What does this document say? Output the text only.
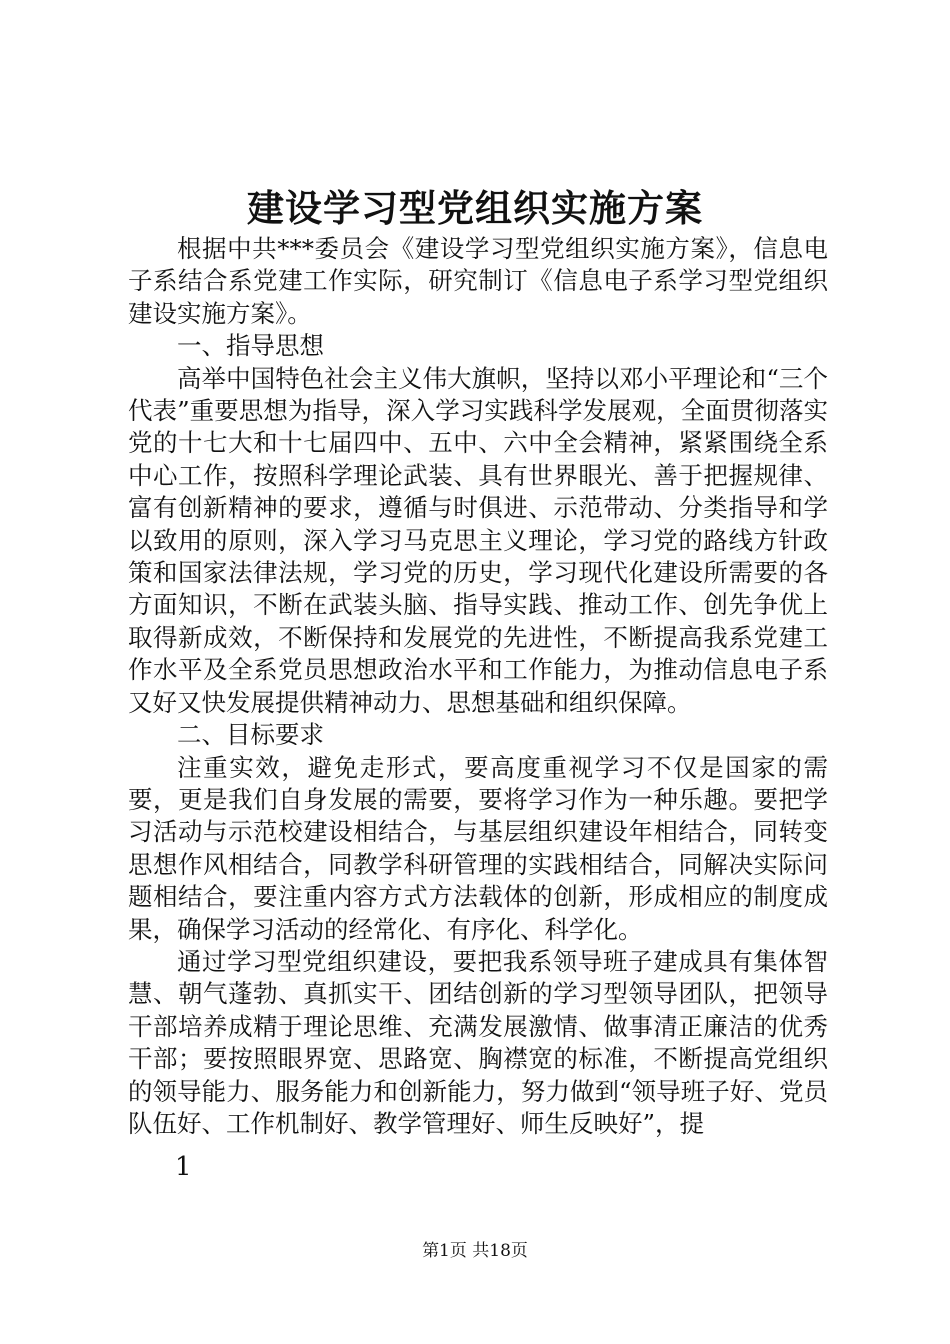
建设学习型党组织实施方案

根据中共***委员会《建设学习型党组织实施方案》，信息电子系结合系党建工作实际，研究制订《信息电子系学习型党组织建设实施方案》。

一、指导思想

高举中国特色社会主义伟大旗帜，坚持以邓小平理论和“三个代表”重要思想为指导，深入学习实践科学发展观，全面贯彻落实党的十七大和十七届四中、五中、六中全会精神，紧紧围绕全系中心工作，按照科学理论武装、具有世界眼光、善于把握规律、富有创新精神的要求，遵循与时俱进、示范带动、分类指导和学以致用的原则，深入学习马克思主义理论，学习党的路线方针政策和国家法律法规，学习党的历史，学习现代化建设所需要的各方面知识，不断在武装头脑、指导实践、推动工作、创先争优上取得新成效，不断保持和发展党的先进性，不断提高我系党建工作水平及全系党员思想政治水平和工作能力，为推动信息电子系又好又快发展提供精神动力、思想基础和组织保障。

二、目标要求

注重实效，避免走形式，要高度重视学习不仅是国家的需要，更是我们自身发展的需要，要将学习作为一种乐趣。要把学习活动与示范校建设相结合，与基层组织建设年相结合，同转变思想作风相结合，同教学科研管理的实践相结合，同解决实际问题相结合，要注重内容方式方法载体的创新，形成相应的制度成果，确保学习活动的经常化、有序化、科学化。

通过学习型党组织建设，要把我系领导班子建成具有集体智慧、朝气蓬勃、真抓实干、团结创新的学习型领导团队，把领导干部培养成精于理论思维、充满发展激情、做事清正廉洁的优秀干部；要按照眼界宽、思路宽、胸襟宽的标准，不断提高党组织的领导能力、服务能力和创新能力，努力做到“领导班子好、党员队伍好、工作机制好、教学管理好、师生反映好”，提

1
第1页 共18页
